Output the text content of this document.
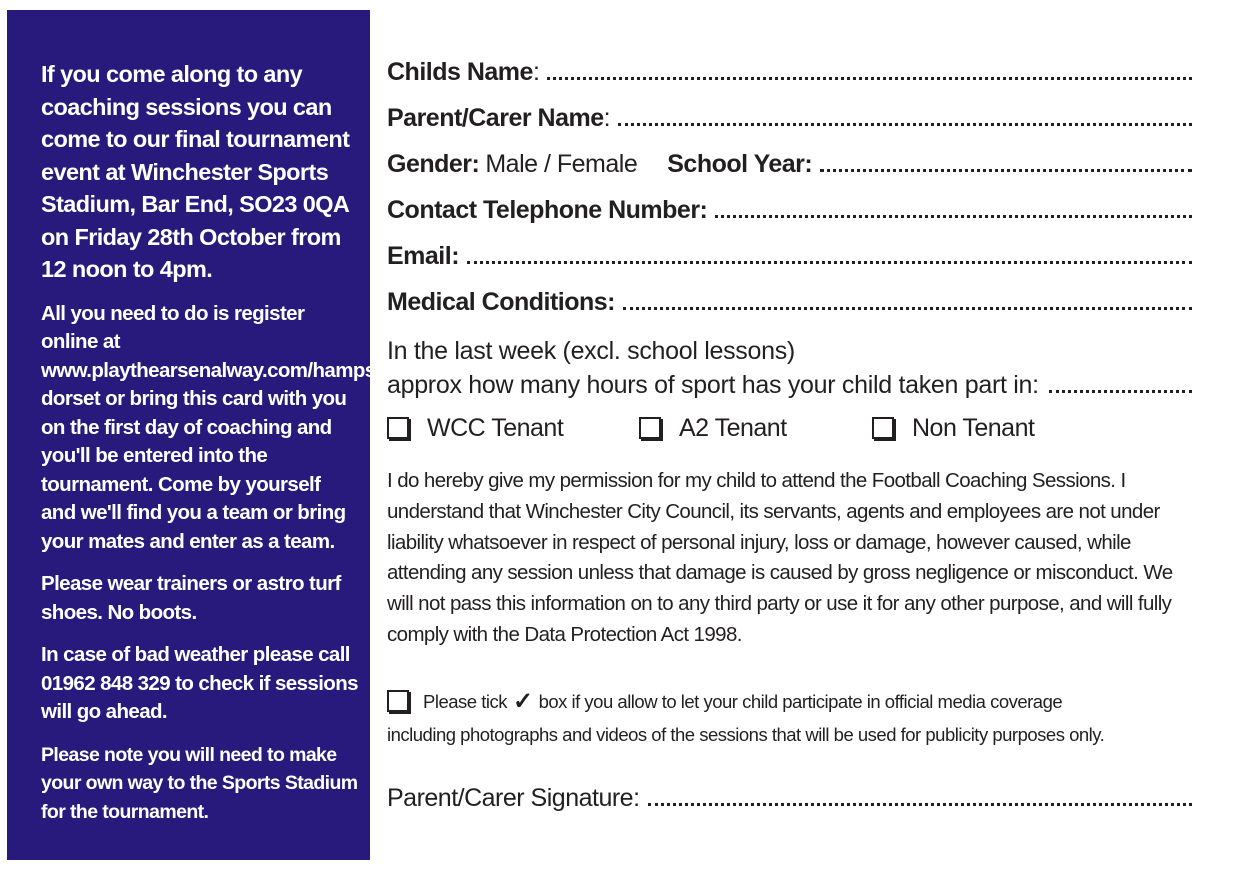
If you come along to any coaching sessions you can come to our final tournament event at Winchester Sports Stadium, Bar End, SO23 0QA on Friday 28th October from 12 noon to 4pm.

All you need to do is register online at www.playthearsenalway.com/hampshire-dorset or bring this card with you on the first day of coaching and you'll be entered into the tournament. Come by yourself and we'll find you a team or bring your mates and enter as a team.

Please wear trainers or astro turf shoes. No boots.

In case of bad weather please call 01962 848 329 to check if sessions will go ahead.

Please note you will need to make your own way to the Sports Stadium for the tournament.

Childs Name :
Parent/Carer Name :
Gender: Male / Female School Year:
Contact Telephone Number:
Email:
Medical Conditions:
In the last week (excl. school lessons)
approx how many hours of sport has your child taken part in:
WCC Tenant	A2 Tenant	Non Tenant
I do hereby give my permission for my child to attend the Football Coaching Sessions. I understand that Winchester City Council, its servants, agents and employees are not under liability whatsoever in respect of personal injury, loss or damage, however caused, while attending any session unless that damage is caused by gross negligence or misconduct. We will not pass this information on to any third party or use it for any other purpose, and will fully comply with the Data Protection Act 1998.
Please tick ✓ box if you allow to let your child participate in official media coverage
including photographs and videos of the sessions that will be used for publicity purposes only.
Parent/Carer Signature:
